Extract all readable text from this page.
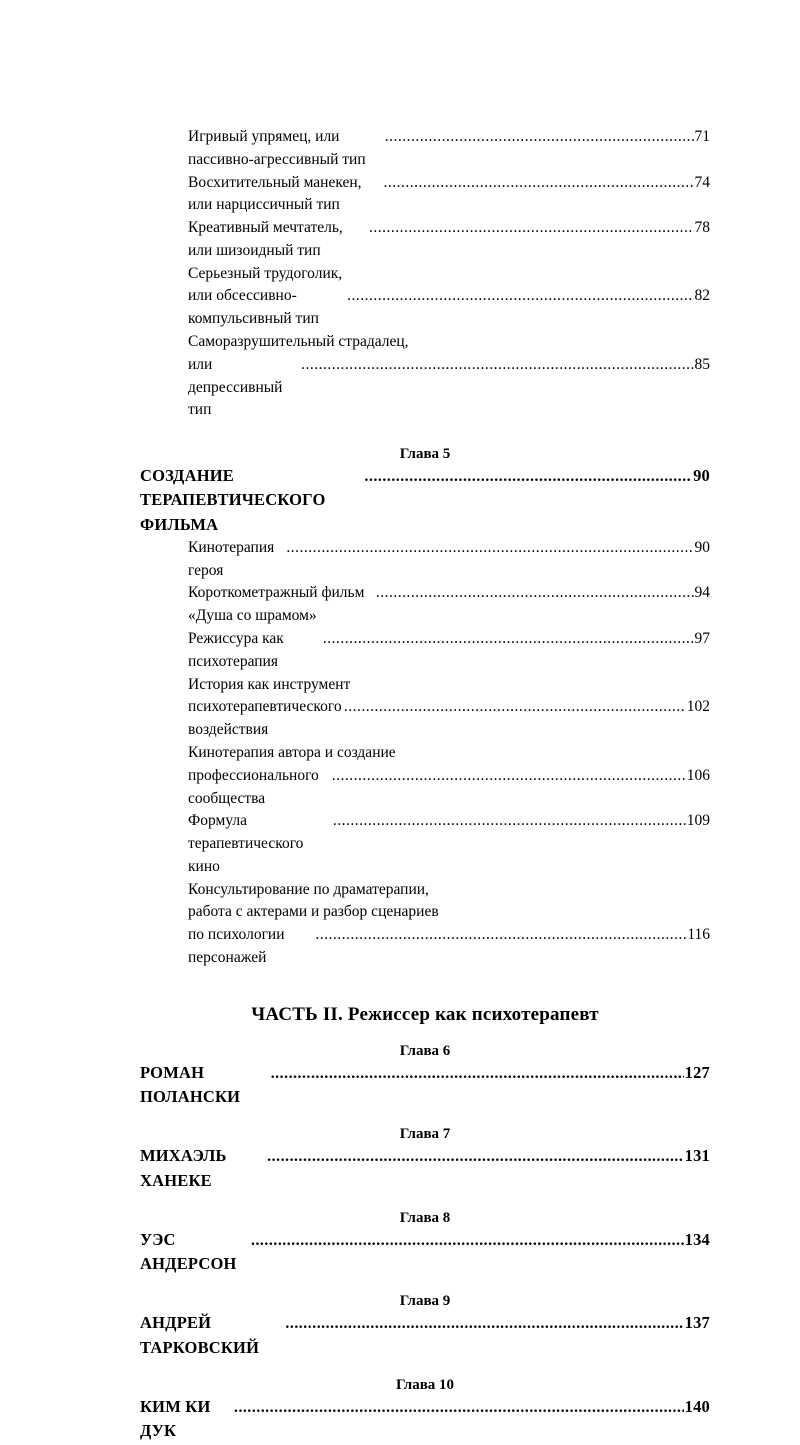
Игривый упрямец, или пассивно-агрессивный тип
.....
71
Восхитительный манекен, или нарциссичный тип
.....
74
Креативный мечтатель, или шизоидный тип
.....
78
Серьезный трудоголик,
или обсессивно-компульсивный тип
.....
82
Саморазрушительный страдалец,
или депрессивный тип
.....
85
Глава 5
СОЗДАНИЕ ТЕРАПЕВТИЧЕСКОГО ФИЛЬМА
.....
90
Кинотерапия героя
.....
90
Короткометражный фильм «Душа со шрамом»
.....
94
Режиссура как психотерапия
.....
97
История как инструмент
психотерапевтического воздействия
.....
102
Кинотерапия автора и создание
профессионального сообщества
.....
106
Формула терапевтического кино
.....
109
Консультирование по драматерапии,
работа с актерами и разбор сценариев
по психологии персонажей
.....
116
ЧАСТЬ II. Режиссер как психотерапевт
Глава 6
РОМАН ПОЛАНСКИ
.....
127
Глава 7
МИХАЭЛЬ ХАНЕКЕ
.....
131
Глава 8
УЭС АНДЕРСОН
.....
134
Глава 9
АНДРЕЙ ТАРКОВСКИЙ
.....
137
Глава 10
КИМ КИ ДУК
.....
140
